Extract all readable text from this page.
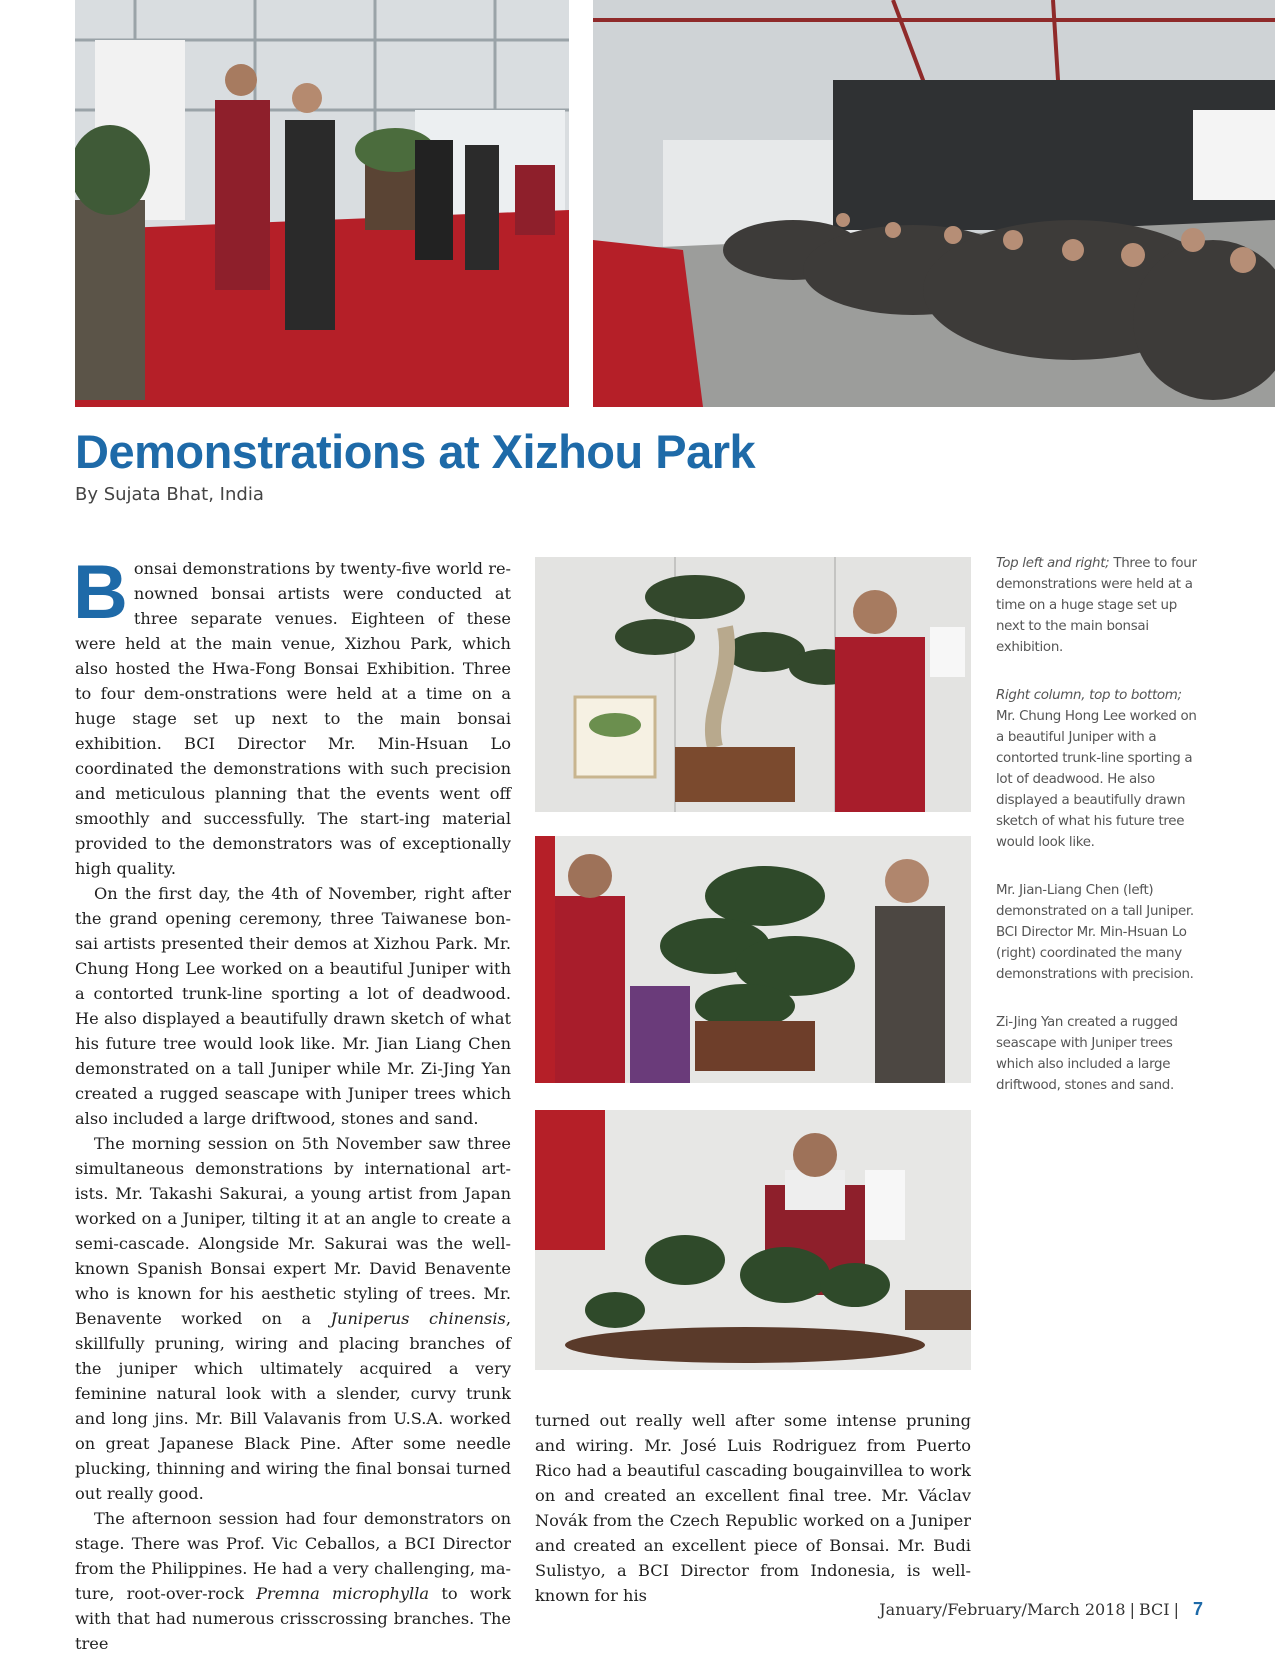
Demonstrations at Xizhou Park
By Sujata Bhat, India

Bonsai demonstrations by twenty-five world re-nowned bonsai artists were conducted at three separate venues. Eighteen of these were held at the main venue, Xizhou Park, which also hosted the Hwa-Fong Bonsai Exhibition. Three to four dem-onstrations were held at a time on a huge stage set up next to the main bonsai exhibition. BCI Director Mr. Min-Hsuan Lo coordinated the demonstrations with such precision and meticulous planning that the events went off smoothly and successfully. The start-ing material provided to the demonstrators was of exceptionally high quality.

On the first day, the 4th of November, right after the grand opening ceremony, three Taiwanese bon-sai artists presented their demos at Xizhou Park. Mr. Chung Hong Lee worked on a beautiful Juniper with a contorted trunk-line sporting a lot of deadwood. He also displayed a beautifully drawn sketch of what his future tree would look like. Mr. Jian Liang Chen demonstrated on a tall Juniper while Mr. Zi-Jing Yan created a rugged seascape with Juniper trees which also included a large driftwood, stones and sand.

The morning session on 5th November saw three simultaneous demonstrations by international art-ists. Mr. Takashi Sakurai, a young artist from Japan worked on a Juniper, tilting it at an angle to create a semi-cascade. Alongside Mr. Sakurai was the well-known Spanish Bonsai expert Mr. David Benavente who is known for his aesthetic styling of trees. Mr. Benavente worked on a Juniperus chinensis, skillfully pruning, wiring and placing branches of the juniper which ultimately acquired a very feminine natural look with a slender, curvy trunk and long jins. Mr. Bill Valavanis from U.S.A. worked on great Japanese Black Pine. After some needle plucking, thinning and wiring the final bonsai turned out really good.

The afternoon session had four demonstrators on stage. There was Prof. Vic Ceballos, a BCI Director from the Philippines. He had a very challenging, ma-ture, root-over-rock Premna microphylla to work with that had numerous crisscrossing branches. The tree

turned out really well after some intense pruning and wiring. Mr. José Luis Rodriguez from Puerto Rico had a beautiful cascading bougainvillea to work on and created an excellent final tree. Mr. Václav Novák from the Czech Republic worked on a Juniper and created an excellent piece of Bonsai. Mr. Budi Sulistyo, a BCI Director from Indonesia, is well-known for his

Top left and right; Three to four demonstrations were held at a time on a huge stage set up next to the main bonsai exhibition.

Right column, top to bottom;

Mr. Chung Hong Lee worked on a beautiful Juniper with a contorted trunk-line sporting a lot of deadwood. He also displayed a beautifully drawn sketch of what his future tree would look like.

Mr. Jian-Liang Chen (left) demonstrated on a tall Juniper. BCI Director Mr. Min-Hsuan Lo (right) coordinated the many demonstrations with precision.

Zi-Jing Yan created a rugged seascape with Juniper trees which also included a large driftwood, stones and sand.

January/February/March 2018 | BCI | 7
